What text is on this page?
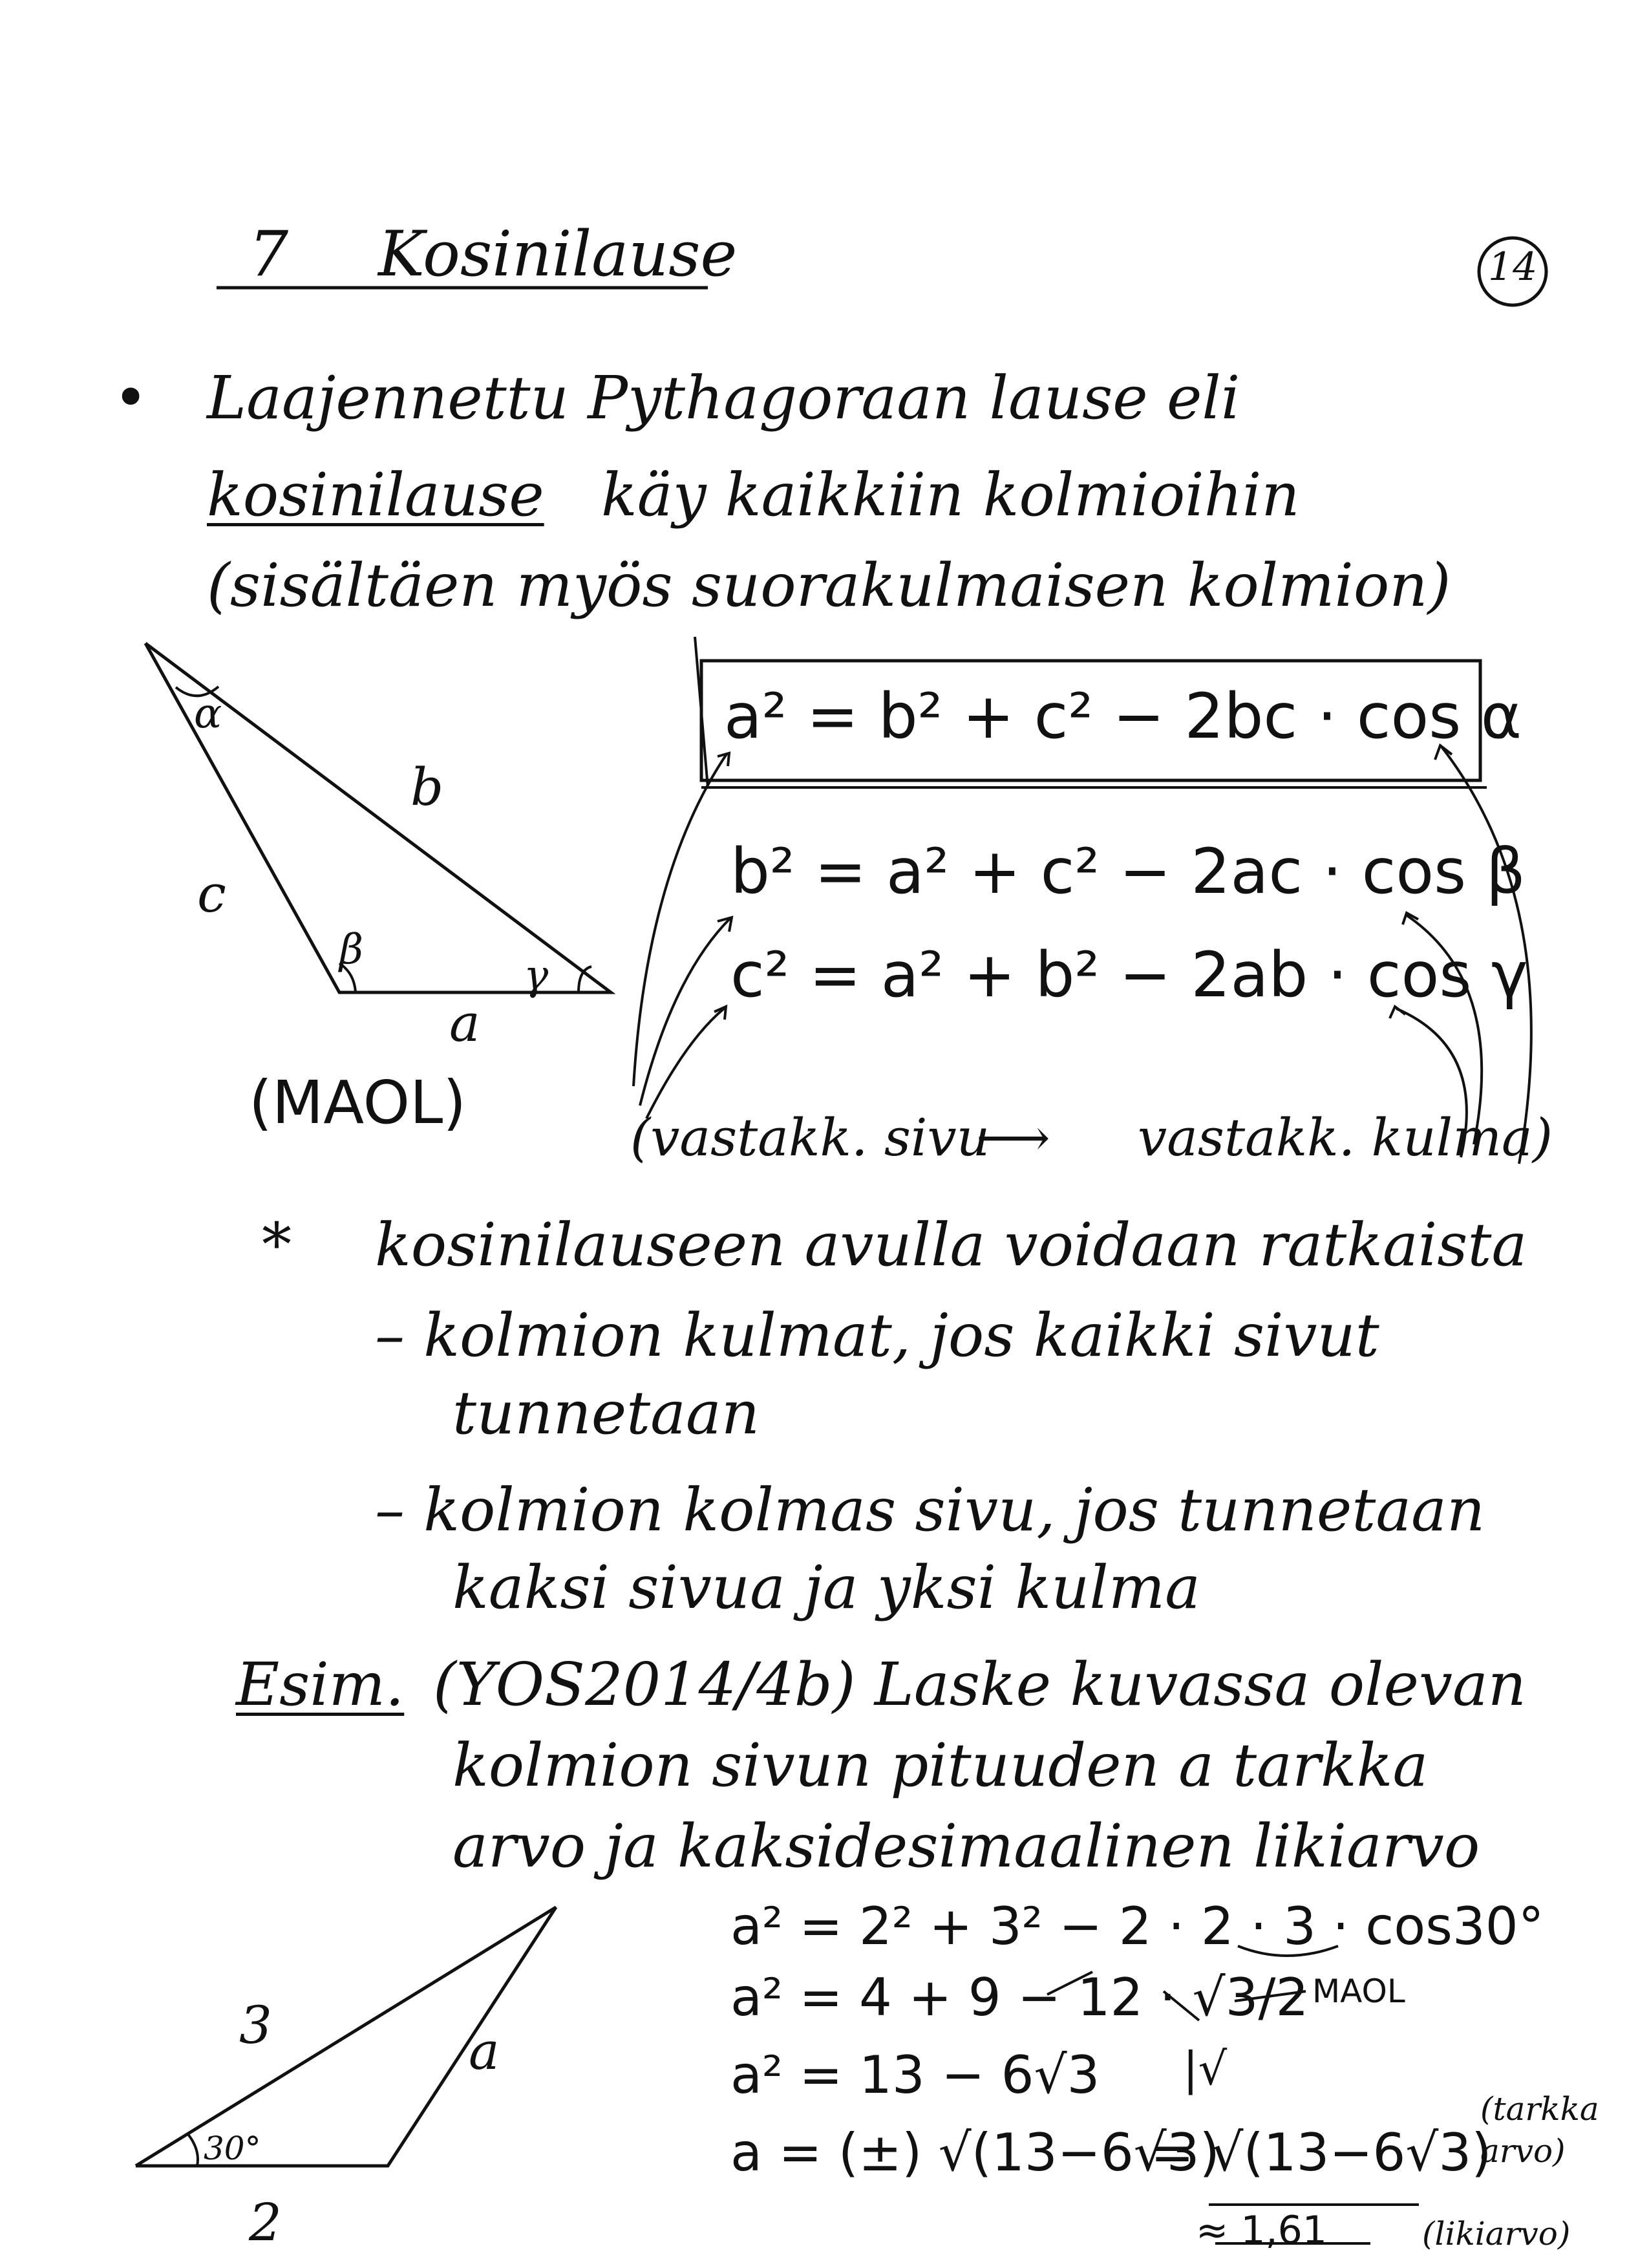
α
b
c
β
γ
a
3	a
30°
2
7 Kosinilause	14
• Laajennettu Pythagoraan lause eli
kosinilause käy kaikkiin kolmioihin
(sisältäen myös suorakulmaisen kolmion)
a² = b² + c² − 2bc · cos α
b² = a² + c² − 2ac · cos β
c² = a² + b² − 2ab · cos γ
(MAOL)
(vastakk. sivu
⟶ vastakk. kulma)
* kosinilauseen avulla voidaan ratkaista
– kolmion kulmat, jos kaikki sivut
tunnetaan
– kolmion kolmas sivu, jos tunnetaan
kaksi sivua ja yksi kulma
Esim. (YOS2014/4b) Laske kuvassa olevan
kolmion sivun pituuden a tarkka
arvo ja kaksidesimaalinen likiarvo
a² = 2² + 3² − 2 · 2 · 3 · cos30°
a² = 4 + 9 − 12 · √3/2 MAOL
a² = 13 − 6√3 |√
a = (±) √(13−6√3)
= √(13−6√3)
(tarkka arvo)
≈ 1,61	(likiarvo)
